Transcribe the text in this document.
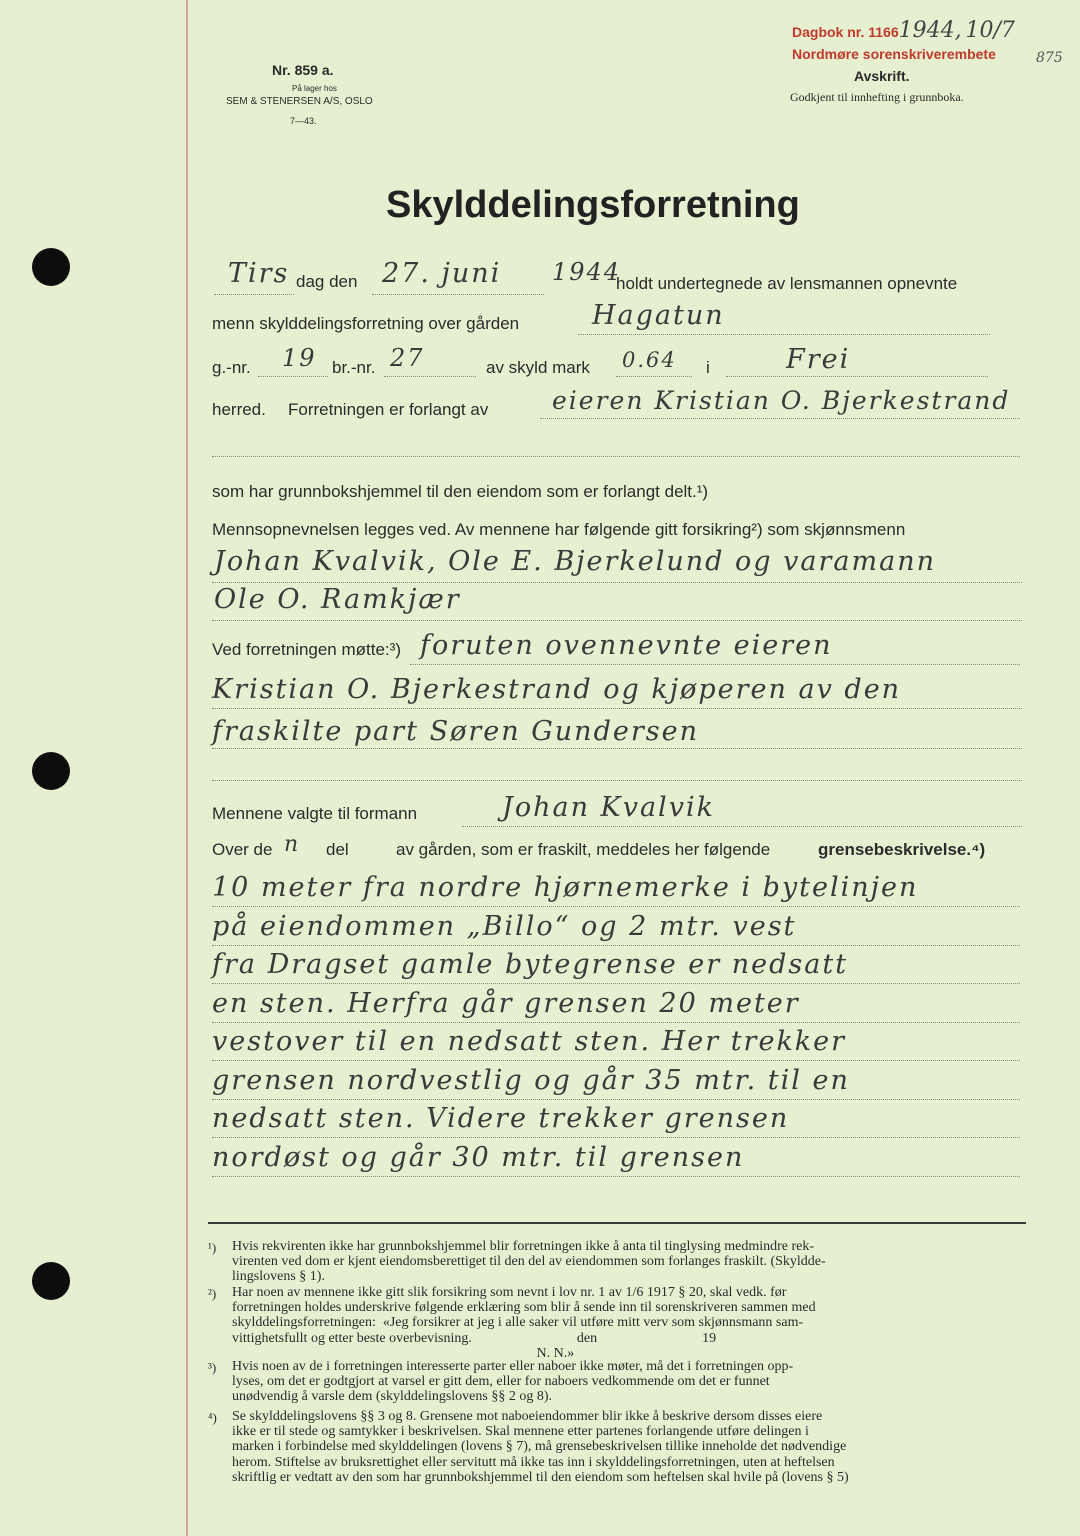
Nr. 859 a.
På lager hos
SEM & STENERSEN A/S, OSLO
7—43.
Dagbok nr. 11661944, 10/7
Nordmøre sorenskriverembete	875
Avskrift.
Godkjent til innhefting i grunnboka.
Skylddelingsforretning
Tirs dag den 27. juni 1944
holdt undertegnede av lensmannen opnevnte
menn skylddelingsforretning over gården	Hagatun
g.-nr. 19 br.-nr. 27	av skyld mark 0.64 i	Frei
herred. Forretningen er forlangt av	eieren Kristian O. Bjerkestrand
som har grunnbokshjemmel til den eiendom som er forlangt delt.¹)
Mennsopnevnelsen legges ved. Av mennene har følgende gitt forsikring²) som skjønnsmenn
Johan Kvalvik, Ole E. Bjerkelund og varamann
Ole O. Ramkjær
Ved forretningen møtte:³) foruten ovennevnte eieren
Kristian O. Bjerkestrand og kjøperen av den
fraskilte part Søren Gundersen
Mennene valgte til formann	Johan Kvalvik
Over de n del	av gården, som er fraskilt, meddeles her følgende	grensebeskrivelse.⁴)
10 meter fra nordre hjørnemerke i bytelinjen
på eiendommen „Billo“ og 2 mtr. vest
fra Dragset gamle bytegrense er nedsatt
en sten. Herfra går grensen 20 meter
vestover til en nedsatt sten. Her trekker
grensen nordvestlig og går 35 mtr. til en
nedsatt sten. Videre trekker grensen
nordøst og går 30 mtr. til grensen
¹) Hvis rekvirenten ikke har grunnbokshjemmel blir forretningen ikke å anta til tinglysing medmindre rek-
virenten ved dom er kjent eiendomsberettiget til den del av eiendommen som forlanges fraskilt. (Skyldde-
lingslovens § 1).
²) Har noen av mennene ikke gitt slik forsikring som nevnt i lov nr. 1 av 1/6 1917 § 20, skal vedk. før
forretningen holdes underskrive følgende erklæring som blir å sende inn til sorenskriveren sammen med
skylddelingsforretningen:  «Jeg forsikrer at jeg i alle saker vil utføre mitt verv som skjønnsmann sam-
vittighetsfullt og etter beste overbevisning.                              den                              19
N. N.»
³) Hvis noen av de i forretningen interesserte parter eller naboer ikke møter, må det i forretningen opp-
lyses, om det er godtgjort at varsel er gitt dem, eller for naboers vedkommende om det er funnet
unødvendig å varsle dem (skylddelingslovens §§ 2 og 8).
⁴) Se skylddelingslovens §§ 3 og 8. Grensene mot naboeiendommer blir ikke å beskrive dersom disses eiere
ikke er til stede og samtykker i beskrivelsen. Skal mennene etter partenes forlangende utføre delingen i
marken i forbindelse med skylddelingen (lovens § 7), må grensebeskrivelsen tillike inneholde det nødvendige
herom. Stiftelse av bruksrettighet eller servitutt må ikke tas inn i skylddelingsforretningen, uten at heftelsen
skriftlig er vedtatt av den som har grunnbokshjemmel til den eiendom som heftelsen skal hvile på (lovens § 5)
